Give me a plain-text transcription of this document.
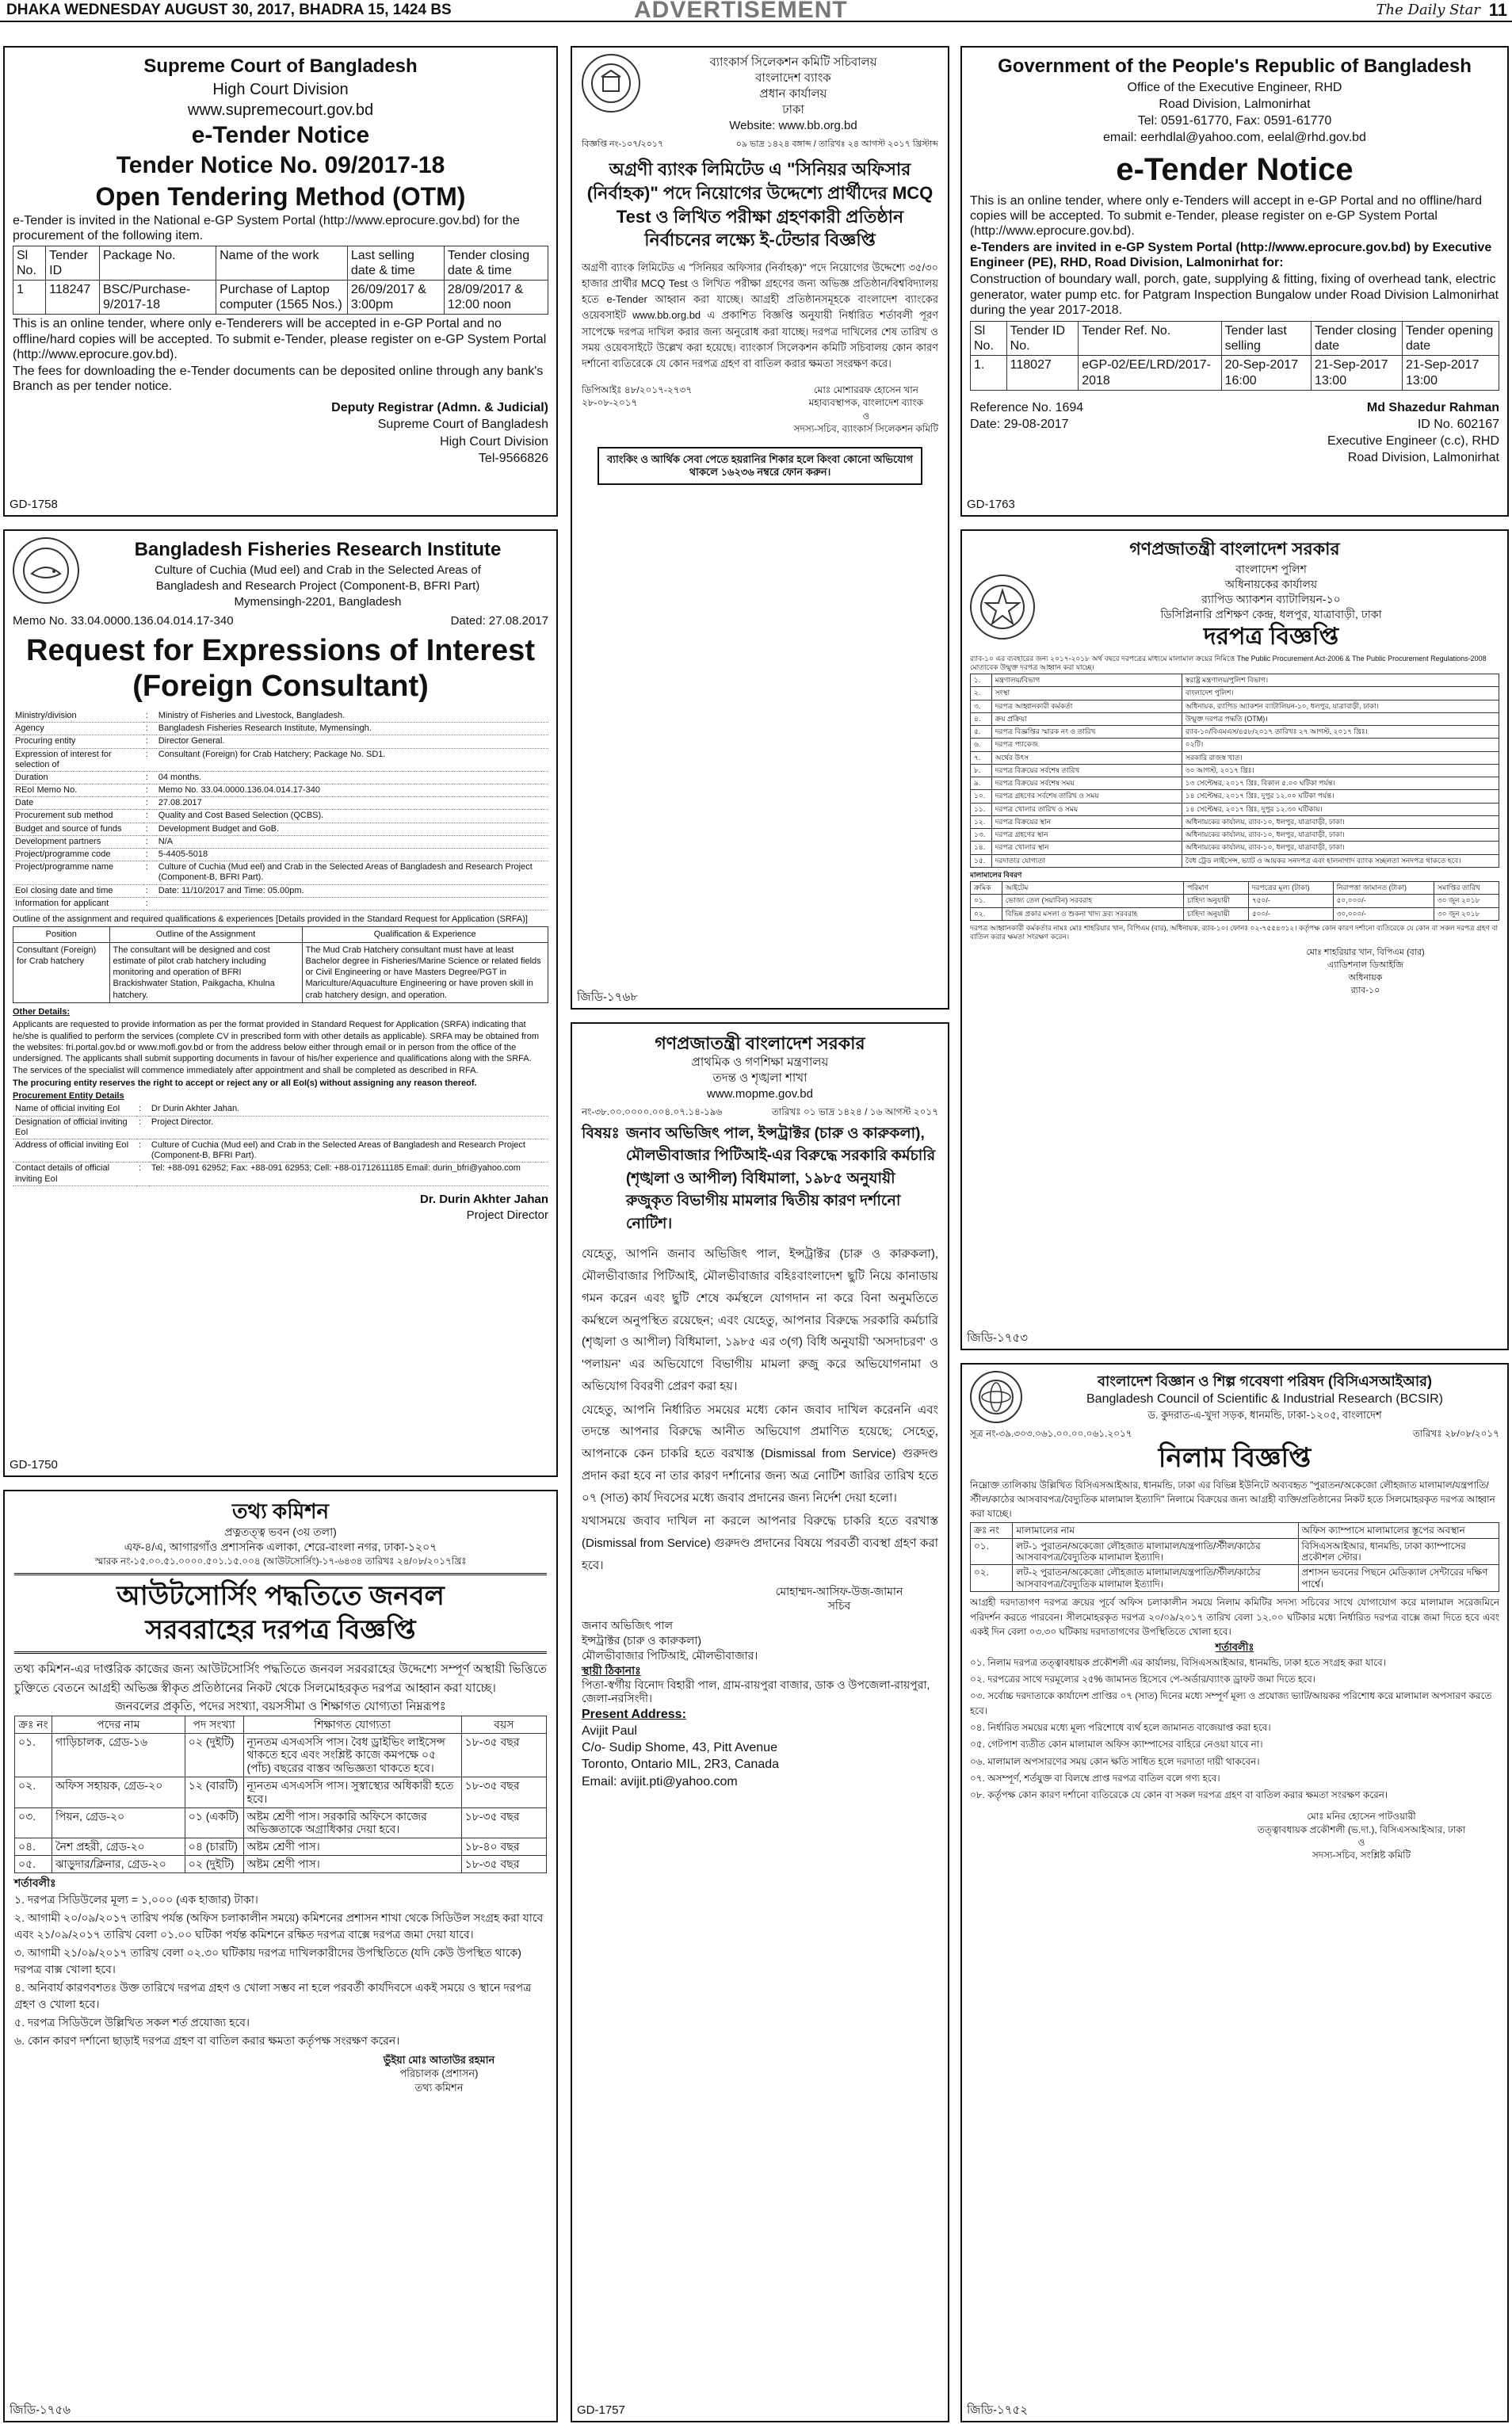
DHAKA WEDNESDAY AUGUST 30, 2017, BHADRA 15, 1424 BS	ADVERTISEMENT	The Daily Star 11

Supreme Court of Bangladesh

High Court Division

www.supremecourt.gov.bd

e-Tender Notice

Tender Notice No. 09/2017-18

Open Tendering Method (OTM)

e-Tender is invited in the National e-GP System Portal (http://www.eprocure.gov.bd) for the procurement of the following item.

Sl No.	Tender ID	Package No.	Name of the work	Last selling date & time	Tender closing date & time
1	118247	BSC/Purchase-9/2017-18	Purchase of Laptop computer (1565 Nos.)	26/09/2017 & 3:00pm	28/09/2017 & 12:00 noon

This is an online tender, where only e-Tenderers will be accepted in e-GP Portal and no offline/hard copies will be accepted. To submit e-Tender, please register on e-GP System Portal (http://www.eprocure.gov.bd).

The fees for downloading the e-Tender documents can be deposited online through any bank's Branch as per tender notice.

Deputy Registrar (Admn. & Judicial)

Supreme Court of Bangladesh

High Court Division

Tel-9566826

GD-1758

ব্যাংকার্স সিলেকশন কমিটি সচিবালয়

বাংলাদেশ ব্যাংক

প্রধান কার্যালয়

ঢাকা

Website: www.bb.org.bd

বিজ্ঞপ্তি নং-১০৭/২০১৭	০৯ ভাদ্র ১৪২৪ বঙ্গাব্দ / তারিখঃ ২৪ আগস্ট ২০১৭ খ্রিস্টাব্দ

অগ্রণী ব্যাংক লিমিটেড এ "সিনিয়র অফিসার (নির্বাহক)" পদে নিয়োগের উদ্দেশ্যে প্রার্থীদের MCQ Test ও লিখিত পরীক্ষা গ্রহণকারী প্রতিষ্ঠান নির্বাচনের লক্ষ্যে ই-টেন্ডার বিজ্ঞপ্তি

অগ্রণী ব্যাংক লিমিটেড এ "সিনিয়র অফিসার (নির্বাহক)" পদে নিয়োগের উদ্দেশ্যে ৩৫/৩০ হাজার প্রার্থীর MCQ Test ও লিখিত পরীক্ষা গ্রহণের জন্য অভিজ্ঞ প্রতিষ্ঠান/বিশ্ববিদ্যালয় হতে e-Tender আহ্বান করা যাচ্ছে। আগ্রহী প্রতিষ্ঠানসমূহকে বাংলাদেশ ব্যাংকের ওয়েবসাইট www.bb.org.bd এ প্রকাশিত বিজ্ঞপ্তি অনুযায়ী নির্ধারিত শর্তাবলী পূরণ সাপেক্ষে দরপত্র দাখিল করার জন্য অনুরোধ করা যাচ্ছে। দরপত্র দাখিলের শেষ তারিখ ও সময় ওয়েবসাইটে উল্লেখ করা হয়েছে। ব্যাংকার্স সিলেকশন কমিটি সচিবালয় কোন কারণ দর্শানো ব্যতিরেকে যে কোন দরপত্র গ্রহণ বা বাতিল করার ক্ষমতা সংরক্ষণ করে।

ডিপিআইঃ ৪৮/২০১৭-২৭৩৭

২৮-০৮-২০১৭

মোঃ মোশাররফ হোসেন খান

মহাব্যবস্থাপক, বাংলাদেশ ব্যাংক

ও

সদস্য-সচিব, ব্যাংকার্স সিলেকশন কমিটি

ব্যাংকিং ও আর্থিক সেবা পেতে হয়রানির শিকার হলে কিংবা কোনো অভিযোগ থাকলে ১৬২৩৬ নম্বরে ফোন করুন।
জিডি-১৭৬৮

Government of the People's Republic of Bangladesh

Office of the Executive Engineer, RHD

Road Division, Lalmonirhat

Tel: 0591-61770, Fax: 0591-61770

email: eerhdlal@yahoo.com, eelal@rhd.gov.bd

e-Tender Notice

This is an online tender, where only e-Tenders will accept in e-GP Portal and no offline/hard copies will be accepted. To submit e-Tender, please register on e-GP System Portal (http://www.eprocure.gov.bd).

e-Tenders are invited in e-GP System Portal (http://www.eprocure.gov.bd) by Executive Engineer (PE), RHD, Road Division, Lalmonirhat for:

Construction of boundary wall, porch, gate, supplying & fitting, fixing of overhead tank, electric generator, water pump etc. for Patgram Inspection Bungalow under Road Division Lalmonirhat during the year 2017-2018.

Sl No.	Tender ID No.	Tender Ref. No.	Tender last selling	Tender closing date	Tender opening date
1.	118027	eGP-02/EE/LRD/2017-2018	20-Sep-2017 16:00	21-Sep-2017 13:00	21-Sep-2017 13:00

Reference No. 1694

Date: 29-08-2017

Md Shazedur Rahman

ID No. 602167

Executive Engineer (c.c), RHD

Road Division, Lalmonirhat

GD-1763

Bangladesh Fisheries Research Institute

Culture of Cuchia (Mud eel) and Crab in the Selected Areas of

Bangladesh and Research Project (Component-B, BFRI Part)

Mymensingh-2201, Bangladesh

Memo No. 33.04.0000.136.04.014.17-340	Dated: 27.08.2017

Request for Expressions of Interest

(Foreign Consultant)

Ministry/division	:	Ministry of Fisheries and Livestock, Bangladesh.
Agency	:	Bangladesh Fisheries Research Institute, Mymensingh.
Procuring entity	:	Director General.
Expression of interest for selection of	:	Consultant (Foreign) for Crab Hatchery; Package No. SD1.
Duration	:	04 months.
REoI Memo No.	:	Memo No. 33.04.0000.136.04.014.17-340
Date	:	27.08.2017
Procurement sub method	:	Quality and Cost Based Selection (QCBS).
Budget and source of funds	:	Development Budget and GoB.
Development partners	:	N/A
Project/programme code	:	5-4405-5018
Project/programme name	:	Culture of Cuchia (Mud eel) and Crab in the Selected Areas of Bangladesh and Research Project (Component-B, BFRI Part).
EoI closing date and time	:	Date: 11/10/2017 and Time: 05.00pm.
Information for applicant	:	

Outline of the assignment and required qualifications & experiences [Details provided in the Standard Request for Application (SRFA)]

Position	Outline of the Assignment	Qualification & Experience
Consultant (Foreign) for Crab hatchery	The consultant will be designed and cost estimate of pilot crab hatchery including monitoring and operation of BFRI Brackishwater Station, Paikgacha, Khulna hatchery.	The Mud Crab Hatchery consultant must have at least Bachelor degree in Fisheries/Marine Science or related fields or Civil Engineering or have Masters Degree/PGT in Mariculture/Aquaculture Engineering or have proven skill in crab hatchery design, and operation.

Other Details:

Applicants are requested to provide information as per the format provided in Standard Request for Application (SRFA) indicating that he/she is qualified to perform the services (complete CV in prescribed form with other details as applicable). SRFA may be obtained from the websites: fri.portal.gov.bd or www.mofl.gov.bd or from the address below either through email or in person from the office of the undersigned. The applicants shall submit supporting documents in favour of his/her experience and qualifications along with the SRFA. The services of the specialist will commence immediately after appointment and shall be completed as described in RFA.

The procuring entity reserves the right to accept or reject any or all EoI(s) without assigning any reason thereof.

Procurement Entity Details

Name of official inviting EoI	:	Dr Durin Akhter Jahan.
Designation of official inviting EoI	:	Project Director.
Address of official inviting EoI	:	Culture of Cuchia (Mud eel) and Crab in the Selected Areas of Bangladesh and Research Project (Component-B, BFRI Part).
Contact details of official inviting EoI	:	Tel: +88-091 62952; Fax: +88-091 62953; Cell: +88-01712611185 Email: durin_bfri@yahoo.com

Dr. Durin Akhter Jahan

Project Director

GD-1750

গণপ্রজাতন্ত্রী বাংলাদেশ সরকার

প্রাথমিক ও গণশিক্ষা মন্ত্রণালয়

তদন্ত ও শৃঙ্খলা শাখা

www.mopme.gov.bd

নং-৩৮.০০.০০০০.০০৪.০৭.১৪-১৯৬	তারিখঃ ০১ ভাদ্র ১৪২৪ / ১৬ আগস্ট ২০১৭
বিষয়ঃ জনাব অভিজিৎ পাল, ইন্সট্রাক্টর (চারু ও কারুকলা), মৌলভীবাজার পিটিআই-এর বিরুদ্ধে সরকারি কর্মচারি (শৃঙ্খলা ও আপীল) বিধিমালা, ১৯৮৫ অনুযায়ী রুজুকৃত বিভাগীয় মামলার দ্বিতীয় কারণ দর্শানো নোটিশ।

যেহেতু, আপনি জনাব অভিজিৎ পাল, ইন্সট্রাক্টর (চারু ও কারুকলা), মৌলভীবাজার পিটিআই, মৌলভীবাজার বহিঃবাংলাদেশ ছুটি নিয়ে কানাডায় গমন করেন এবং ছুটি শেষে কর্মস্থলে যোগদান না করে বিনা অনুমতিতে কর্মস্থলে অনুপস্থিত রয়েছেন; এবং যেহেতু, আপনার বিরুদ্ধে সরকারি কর্মচারি (শৃঙ্খলা ও আপীল) বিধিমালা, ১৯৮৫ এর ৩(গ) বিধি অনুযায়ী 'অসদাচরণ' ও 'পলায়ন' এর অভিযোগে বিভাগীয় মামলা রুজু করে অভিযোগনামা ও অভিযোগ বিবরণী প্রেরণ করা হয়।

যেহেতু, আপনি নির্ধারিত সময়ের মধ্যে কোন জবাব দাখিল করেননি এবং তদন্তে আপনার বিরুদ্ধে আনীত অভিযোগ প্রমাণিত হয়েছে; সেহেতু, আপনাকে কেন চাকরি হতে বরখাস্ত (Dismissal from Service) গুরুদণ্ড প্রদান করা হবে না তার কারণ দর্শানোর জন্য অত্র নোটিশ জারির তারিখ হতে ০৭ (সাত) কার্য দিবসের মধ্যে জবাব প্রদানের জন্য নির্দেশ দেয়া হলো।

যথাসময়ে জবাব দাখিল না করলে আপনার বিরুদ্ধে চাকরি হতে বরখাস্ত (Dismissal from Service) গুরুদণ্ড প্রদানের বিষয়ে পরবর্তী ব্যবস্থা গ্রহণ করা হবে।

মোহাম্মদ-আসিফ-উজ-জামান

সচিব

জনাব অভিজিৎ পাল

ইন্সট্রাক্টর (চারু ও কারুকলা)

মৌলভীবাজার পিটিআই, মৌলভীবাজার।

স্থায়ী ঠিকানাঃ

পিতা-স্বর্গীয় বিনোদ বিহারী পাল, গ্রাম-রায়পুরা বাজার, ডাক ও উপজেলা-রায়পুরা, জেলা-নরসিংদী।

Present Address:

Avijit Paul

C/o- Sudip Shome, 43, Pitt Avenue

Toronto, Ontario MIL, 2R3, Canada

Email: avijit.pti@yahoo.com

GD-1757

গণপ্রজাতন্ত্রী বাংলাদেশ সরকার

বাংলাদেশ পুলিশ

অধিনায়কের কার্যালয়

র‍্যাপিড অ্যাকশন ব্যাটালিয়ন-১০

ডিসিপ্লিনারি প্রশিক্ষণ কেন্দ্র, ধলপুর, যাত্রাবাড়ী, ঢাকা

দরপত্র বিজ্ঞপ্তি

র‍্যাব-১০ এর ব্যবহারের জন্য ২০১৭-২০১৮ অর্থ বছরে দরপত্রের মাধ্যমে মালামাল ক্রয়ের নিমিত্তে The Public Procurement Act-2006 & The Public Procurement Regulations-2008 মোতাবেক উন্মুক্ত দরপত্র আহ্বান করা যাচ্ছে।

১.	মন্ত্রণালয়/বিভাগ	স্বরাষ্ট্র মন্ত্রণালয়/পুলিশ বিভাগ।
২.	সংস্থা	বাংলাদেশ পুলিশ।
৩.	দরপত্র আহ্বানকারী কর্মকর্তা	অধিনায়ক, র‍্যাপিড অ্যাকশন ব্যাটালিয়ন-১০, ধলপুর, যাত্রাবাড়ী, ঢাকা।
৪.	ক্রয় প্রক্রিয়া	উন্মুক্ত দরপত্র পদ্ধতি (OTM)।
৫.	দরপত্র বিজ্ঞপ্তির স্মারক নং ও তারিখ	র‍্যাব-১০/বিএমএস/৪৫৮/২০১৭ তারিখঃ ২৭ আগস্ট, ২০১৭ খ্রিঃ।
৬.	দরপত্র প্যাকেজ	০২টি।
৭.	অর্থের উৎস	সরকারি রাজস্ব খাত।
৮.	দরপত্র বিক্রয়ের সর্বশেষ তারিখ	৩০ আগস্ট, ২০১৭ খ্রিঃ।
৯.	দরপত্র বিক্রয়ের সর্বশেষ সময়	১৩ সেপ্টেম্বর, ২০১৭ খ্রিঃ, বিকাল ৫.০০ ঘটিকা পর্যন্ত।
১০.	দরপত্র গ্রহণের সর্বশেষ তারিখ ও সময়	১৪ সেপ্টেম্বর, ২০১৭ খ্রিঃ, দুপুর ১২.০০ ঘটিকা পর্যন্ত।
১১.	দরপত্র খোলার তারিখ ও সময়	১৪ সেপ্টেম্বর, ২০১৭ খ্রিঃ, দুপুর ১২.৩০ ঘটিকায়।
১২.	দরপত্র বিক্রয়ের স্থান	অধিনায়কের কার্যালয়, র‍্যাব-১০, ধলপুর, যাত্রাবাড়ী, ঢাকা।
১৩.	দরপত্র গ্রহণের স্থান	অধিনায়কের কার্যালয়, র‍্যাব-১০, ধলপুর, যাত্রাবাড়ী, ঢাকা।
১৪.	দরপত্র খোলার স্থান	অধিনায়কের কার্যালয়, র‍্যাব-১০, ধলপুর, যাত্রাবাড়ী, ঢাকা।
১৫.	দরদাতার যোগ্যতা	বৈধ ট্রেড লাইসেন্স, ভ্যাট ও আয়কর সনদপত্র এবং হালনাগাদ ব্যাংক সচ্ছলতা সনদপত্র থাকতে হবে।

মালামালের বিবরণ

ক্রমিক	আইটেম	পরিমাণ	দরপত্রের মূল্য (টাকা)	নিরাপত্তা জামানত (টাকা)	সমাপ্তির তারিখ
০১.	ভোজ্য তেল (সয়াবিন) সরবরাহ	চাহিদা অনুযায়ী	৭৫০/-	৫০,০০০/-	৩০ জুন ২০১৮
০২.	বিভিন্ন প্রকার মসলা ও শুকনা খাদ্য দ্রব্য সরবরাহ	চাহিদা অনুযায়ী	৫০০/-	৩০,০০০/-	৩০ জুন ২০১৮

দরপত্র আহ্বানকারী কর্মকর্তার নামঃ মোঃ শাহরিয়ার খান, বিপিএম (বার), অধিনায়ক, র‍্যাব-১০। ফোনঃ ০২-৭৫৫৪৩১২। কর্তৃপক্ষ কোন কারণ দর্শানো ব্যতিরেকে যে কোন বা সকল দরপত্র গ্রহণ বা বাতিল করার ক্ষমতা সংরক্ষণ করেন।

মোঃ শাহরিয়ার খান, বিপিএম (বার)

এ্যাডিশনাল ডিআইজি

অধিনায়ক

র‍্যাব-১০

জিডি-১৭৫৩

তথ্য কমিশন

প্রত্নতত্ত্ব ভবন (৩য় তলা)

এফ-৪/এ, আগারগাঁও প্রশাসনিক এলাকা, শেরে-বাংলা নগর, ঢাকা-১২০৭

স্মারক নং-১৫.০০.৫১.০০০০.৫০১.১৫.০০৪ (আউটসোর্সিং)-১৭-৬৪৩৪ তারিখঃ ২৪/০৮/২০১৭খ্রিঃ

আউটসোর্সিং পদ্ধতিতে জনবল

সরবরাহের দরপত্র বিজ্ঞপ্তি

তথ্য কমিশন-এর দাপ্তরিক কাজের জন্য আউটসোর্সিং পদ্ধতিতে জনবল সরবরাহের উদ্দেশ্যে সম্পূর্ণ অস্থায়ী ভিত্তিতে চুক্তিতে বেতনে আগ্রহী অভিজ্ঞ স্বীকৃত প্রতিষ্ঠানের নিকট থেকে সিলমোহরকৃত দরপত্র আহ্বান করা যাচ্ছে।

জনবলের প্রকৃতি, পদের সংখ্যা, বয়সসীমা ও শিক্ষাগত যোগ্যতা নিম্নরূপঃ

ক্রঃ নং	পদের নাম	পদ সংখ্যা	শিক্ষাগত যোগ্যতা	বয়স
০১.	গাড়িচালক, গ্রেড-১৬	০২ (দুইটি)	ন্যূনতম এসএসসি পাস। বৈধ ড্রাইভিং লাইসেন্স থাকতে হবে এবং সংশ্লিষ্ট কাজে কমপক্ষে ০৫ (পাঁচ) বছরের বাস্তব অভিজ্ঞতা থাকতে হবে।	১৮-৩৫ বছর
০২.	অফিস সহায়ক, গ্রেড-২০	১২ (বারটি)	ন্যূনতম এসএসসি পাস। সুস্বাস্থ্যের অধিকারী হতে হবে।	১৮-৩৫ বছর
০৩.	পিয়ন, গ্রেড-২০	০১ (একটি)	অষ্টম শ্রেণী পাস। সরকারি অফিসে কাজের অভিজ্ঞতাকে অগ্রাধিকার দেয়া হবে।	১৮-৩৫ বছর
০৪.	নৈশ প্রহরী, গ্রেড-২০	০৪ (চারটি)	অষ্টম শ্রেণী পাস।	১৮-৪০ বছর
০৫.	ঝাড়ুদার/ক্লিনার, গ্রেড-২০	০২ (দুইটি)	অষ্টম শ্রেণী পাস।	১৮-৩৫ বছর

শর্তাবলীঃ

১. দরপত্র সিডিউলের মূল্য = ১,০০০ (এক হাজার) টাকা।

২. আগামী ২০/০৯/২০১৭ তারিখ পর্যন্ত (অফিস চলাকালীন সময়ে) কমিশনের প্রশাসন শাখা থেকে সিডিউল সংগ্রহ করা যাবে এবং ২১/০৯/২০১৭ তারিখ বেলা ০১.০০ ঘটিকা পর্যন্ত কমিশনে রক্ষিত দরপত্র বাক্সে দরপত্র জমা দেয়া যাবে।

৩. আগামী ২১/০৯/২০১৭ তারিখ বেলা ০২.৩০ ঘটিকায় দরপত্র দাখিলকারীদের উপস্থিতিতে (যদি কেউ উপস্থিত থাকে) দরপত্র বাক্স খোলা হবে।

৪. অনিবার্য কারণবশতঃ উক্ত তারিখে দরপত্র গ্রহণ ও খোলা সম্ভব না হলে পরবর্তী কার্যদিবসে একই সময়ে ও স্থানে দরপত্র গ্রহণ ও খোলা হবে।

৫. দরপত্র সিডিউলে উল্লিখিত সকল শর্ত প্রযোজ্য হবে।

৬. কোন কারণ দর্শানো ছাড়াই দরপত্র গ্রহণ বা বাতিল করার ক্ষমতা কর্তৃপক্ষ সংরক্ষণ করেন।

ভুঁইয়া মোঃ আতাউর রহমান

পরিচালক (প্রশাসন)

তথ্য কমিশন

জিডি-১৭৫৬

বাংলাদেশ বিজ্ঞান ও শিল্প গবেষণা পরিষদ (বিসিএসআইআর)

Bangladesh Council of Scientific & Industrial Research (BCSIR)

ড. কুদরাত-এ-খুদা সড়ক, ধানমন্ডি, ঢাকা-১২০৫, বাংলাদেশ

সূত্র নং-৩৯.৩০৩.০৬১.০০.০০.০৬১.২০১৭	তারিখঃ ২৮/০৮/২০১৭

নিলাম বিজ্ঞপ্তি

নিম্নোক্ত তালিকায় উল্লিখিত বিসিএসআইআর, ধানমন্ডি, ঢাকা এর বিভিন্ন ইউনিটে অব্যবহৃত "পুরাতন/অকেজো লৌহজাত মালামাল/যন্ত্রপাতি/স্টীল/কাঠের আসবাবপত্র/বৈদ্যুতিক মালামাল ইত্যাদি" নিলামে বিক্রয়ের জন্য আগ্রহী ব্যক্তি/প্রতিষ্ঠানের নিকট হতে সিলমোহরকৃত দরপত্র আহ্বান করা যাচ্ছে।

ক্রঃ নং	মালামালের নাম	অফিস ক্যাম্পাসে মালামালের স্তূপের অবস্থান
০১.	লট-১ পুরাতন/অকেজো লৌহজাত মালামাল/যন্ত্রপাতি/স্টীল/কাঠের আসবাবপত্র/বৈদ্যুতিক মালামাল ইত্যাদি।	বিসিএসআইআর, ধানমন্ডি, ঢাকা ক্যাম্পাসের প্রকৌশল স্টোর।
০২.	লট-২ পুরাতন/অকেজো লৌহজাত মালামাল/যন্ত্রপাতি/স্টীল/কাঠের আসবাবপত্র/বৈদ্যুতিক মালামাল ইত্যাদি।	প্রশাসন ভবনের পিছনে মেডিক্যাল সেন্টারের দক্ষিণ পার্শ্বে।

আগ্রহী দরদাতাগণ দরপত্র ক্রয়ের পূর্বে অফিস চলাকালীন সময়ে নিলাম কমিটির সদস্য সচিবের সাথে যোগাযোগ করে মালামাল সরেজমিনে পরিদর্শন করতে পারবেন। সীলমোহরকৃত দরপত্র ২০/০৯/২০১৭ তারিখ বেলা ১২.০০ ঘটিকার মধ্যে নির্ধারিত দরপত্র বাক্সে জমা দিতে হবে এবং একই দিন বেলা ০৩.৩০ ঘটিকায় দরদাতাগণের উপস্থিতিতে খোলা হবে।

শর্তাবলীঃ

০১. নিলাম দরপত্র তত্ত্বাবধায়ক প্রকৌশলী এর কার্যালয়, বিসিএসআইআর, ধানমন্ডি, ঢাকা হতে সংগ্রহ করা যাবে।

০২. দরপত্রের সাথে দরমূল্যের ২৫% জামানত হিসেবে পে-অর্ডার/ব্যাংক ড্রাফট জমা দিতে হবে।

০৩. সর্বোচ্চ দরদাতাকে কার্যাদেশ প্রাপ্তির ০৭ (সাত) দিনের মধ্যে সম্পূর্ণ মূল্য ও প্রযোজ্য ভ্যাট/আয়কর পরিশোধ করে মালামাল অপসারণ করতে হবে।

০৪. নির্ধারিত সময়ের মধ্যে মূল্য পরিশোধে ব্যর্থ হলে জামানত বাজেয়াপ্ত করা হবে।

০৫. গেটপাশ ব্যতীত কোন মালামাল অফিস ক্যাম্পাসের বাহিরে নেওয়া যাবে না।

০৬. মালামাল অপসারণের সময় কোন ক্ষতি সাধিত হলে দরদাতা দায়ী থাকবেন।

০৭. অসম্পূর্ণ, শর্তযুক্ত বা বিলম্বে প্রাপ্ত দরপত্র বাতিল বলে গণ্য হবে।

০৮. কর্তৃপক্ষ কোন কারণ দর্শানো ব্যতিরেকে যে কোন বা সকল দরপত্র গ্রহণ বা বাতিল করার ক্ষমতা সংরক্ষণ করেন।

মোঃ মনির হোসেন পাটওয়ারী

তত্ত্বাবধায়ক প্রকৌশলী (ভ.দা.), বিসিএসআইআর, ঢাকা

ও

সদস্য-সচিব, সংশ্লিষ্ট কমিটি

জিডি-১৭৫২
